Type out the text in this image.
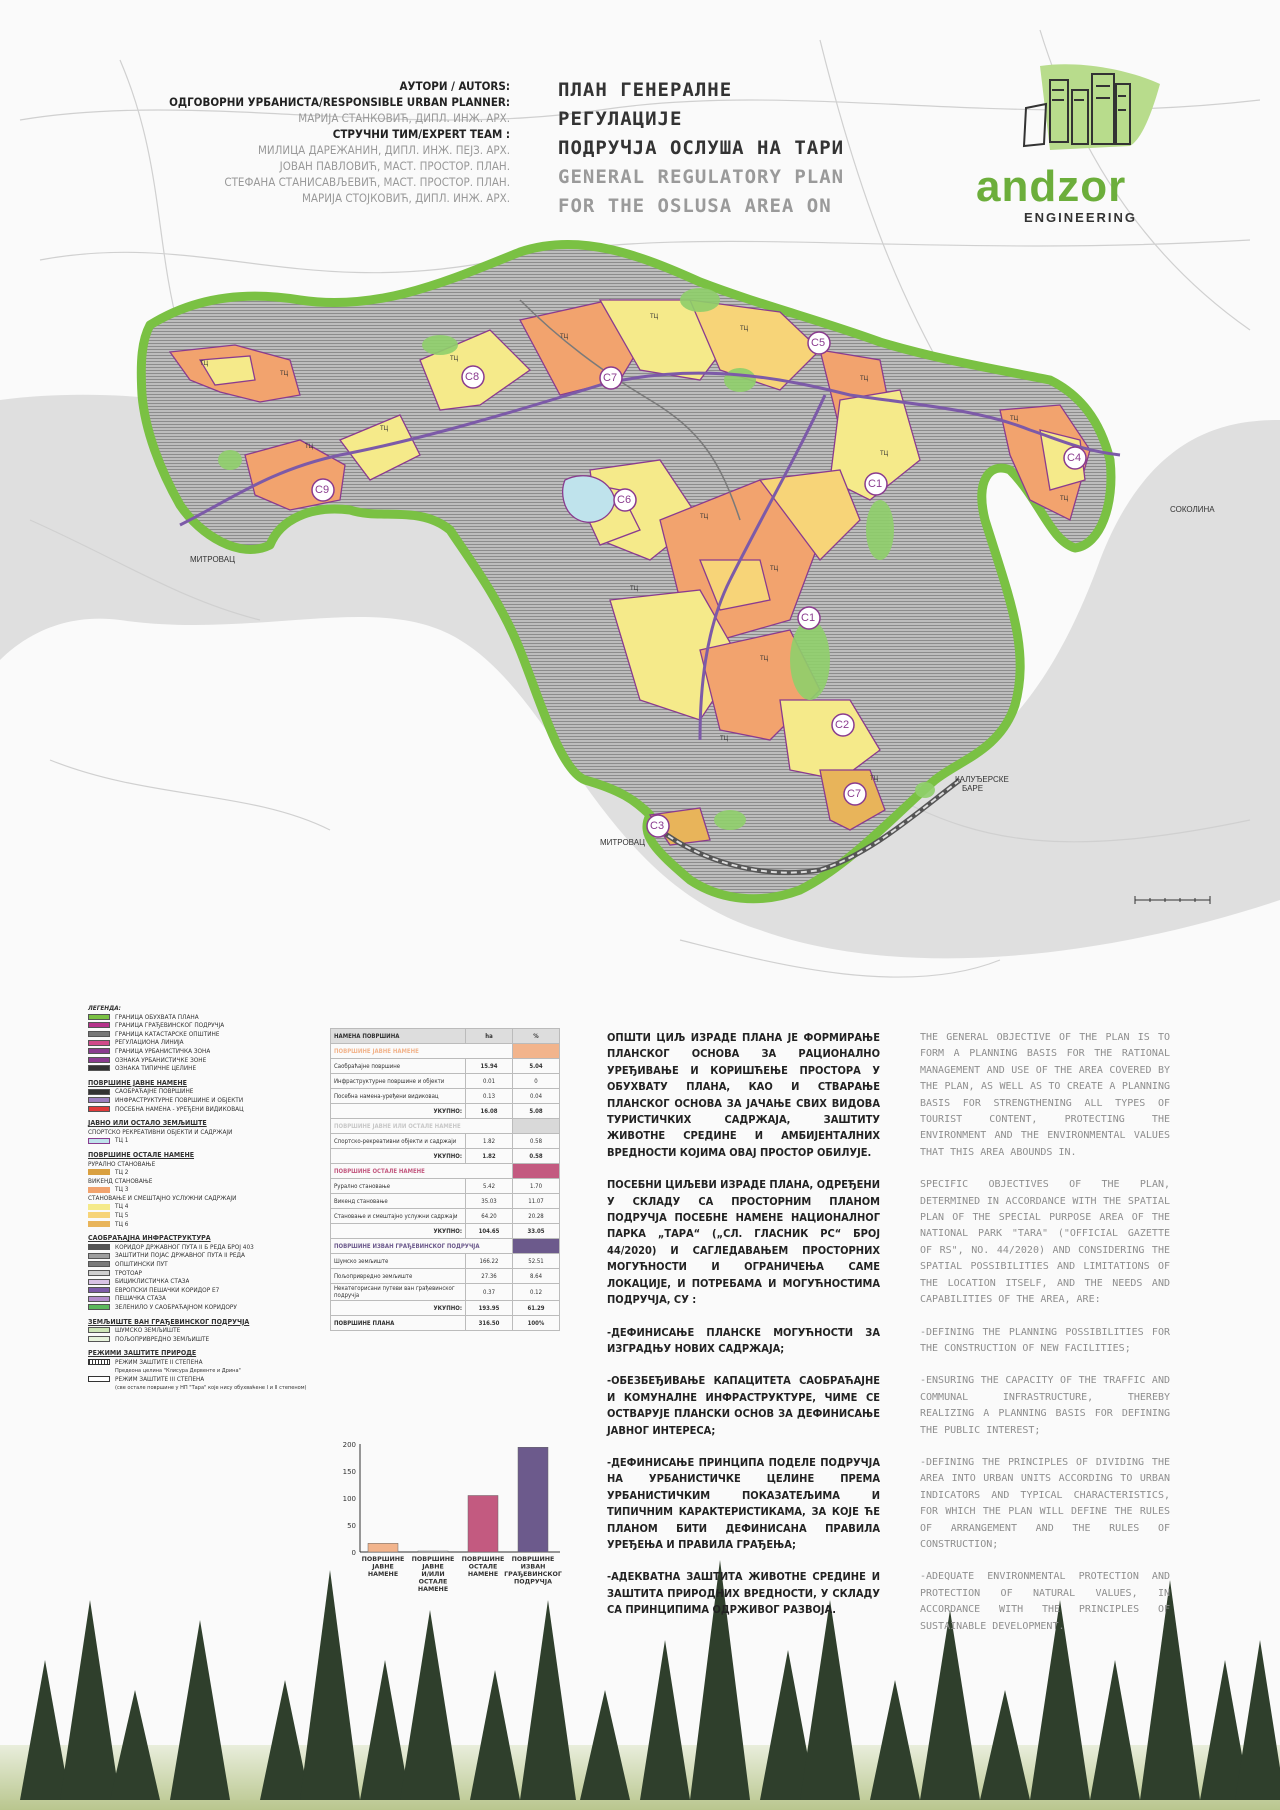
ТЦ
ТЦ
ТЦ
ТЦ
ТЦ
ТЦ
ТЦ
ТЦ
ТЦ
ТЦ
ТЦ
ТЦ
ТЦ
ТЦ
ТЦ
ТЦ
ТЦ
ТЦ
МИТРОВАЦ
МИТРОВАЦ
СОКОЛИНА
КАЛУЂЕРСКЕ
БАРЕ
C1
C2
C3
C4
C5
C6
C7
C8
C9
C1
C7
АУТОРИ / AUTORS:
ОДГОВОРНИ УРБАНИСТА/RESPONSIBLE URBAN PLANNER:
МАРИЈА СТАНКОВИЋ, ДИПЛ. ИНЖ. АРХ.
СТРУЧНИ ТИМ/EXPERT TEAM :
МИЛИЦА ДАРЕЖАНИН, ДИПЛ. ИНЖ. ПЕЈЗ. АРХ.
ЈОВАН ПАВЛОВИЋ, МАСТ. ПРОСТОР. ПЛАН.
СТЕФАНА СТАНИСАВЉЕВИЋ, МАСТ. ПРОСТОР. ПЛАН.
МАРИЈА СТОЈКОВИЋ, ДИПЛ. ИНЖ. АРХ.
ПЛАН ГЕНЕРАЛНЕ РЕГУЛАЦИЈЕ
ПОДРУЧЈА ОСЛУША НА ТАРИ
GENERAL REGULATORY PLAN
FOR THE OSLUSA AREA ON	andzor
ENGINEERING
ЛЕГЕНДА:
ГРАНИЦА ОБУХВАТА ПЛАНА
ГРАНИЦА ГРАЂЕВИНСКОГ ПОДРУЧЈА
ГРАНИЦА КАТАСТАРСКЕ ОПШТИНЕ
РЕГУЛАЦИОНА ЛИНИЈА
ГРАНИЦА УРБАНИСТИЧКА ЗОНА
ОЗНАКА УРБАНИСТИЧКЕ ЗОНЕ
ОЗНАКА ТИПИЧНЕ ЦЕЛИНЕ
ПОВРШИНЕ ЈАВНЕ НАМЕНЕ
САОБРАЋАЈНЕ ПОВРШИНЕ
ИНФРАСТРУКТУРНЕ ПОВРШИНЕ И ОБЈЕКТИ
ПОСЕБНА НАМЕНА - УРЕЂЕНИ ВИДИКОВАЦ
ЈАВНО ИЛИ ОСТАЛО ЗЕМЉИШТЕ
СПОРТСКО РЕКРЕАТИВНИ ОБЈЕКТИ И САДРЖАЈИ
ТЦ 1
ПОВРШИНЕ ОСТАЛЕ НАМЕНЕ
РУРАЛНО СТАНОВАЊЕ
ТЦ 2
ВИКЕНД СТАНОВАЊЕ
ТЦ 3
СТАНОВАЊЕ И СМЕШТАЈНО УСЛУЖНИ САДРЖАЈИ
ТЦ 4
ТЦ 5
ТЦ 6
САОБРАЋАЈНА ИНФРАСТРУКТУРА
КОРИДОР ДРЖАВНОГ ПУТА II Б РЕДА БРОЈ 403
ЗАШТИТНИ ПОЈАС ДРЖАВНОГ ПУТА II РЕДА
ОПШТИНСКИ ПУТ
ТРОТОАР
БИЦИКЛИСТИЧКА СТАЗА
ЕВРОПСКИ ПЕШАЧКИ КОРИДОР Е7
ПЕШАЧКА СТАЗА
ЗЕЛЕНИЛО У САОБРАЋАЈНОМ КОРИДОРУ
ЗЕМЉИШТЕ ВАН ГРАЂЕВИНСКОГ ПОДРУЧЈА
ШУМСКО ЗЕМЉИШТЕ
ПОЉОПРИВРЕДНО ЗЕМЉИШТЕ
РЕЖИМИ ЗАШТИТЕ ПРИРОДЕ
РЕЖИМ ЗАШТИТЕ II СТЕПЕНА
Предеона целина "Клисура Дервенте и Дрина"
РЕЖИМ ЗАШТИТЕ III СТЕПЕНА
(све остале површине у НП "Тара" које нису обухваћене I и II степеном)
НАМЕНА ПОВРШИНА	ha	%
ПОВРШИНЕ ЈАВНЕ НАМЕНЕ		
Саобраћајне површине	15.94	5.04
Инфраструктурне површине и објекти	0.01	0
Посебна намена-уређени видиковац	0.13	0.04
УКУПНО:	16.08	5.08
ПОВРШИНЕ ЈАВНЕ ИЛИ ОСТАЛЕ НАМЕНЕ		
Спортско-рекреативни објекти и садржаји	1.82	0.58
УКУПНО:	1.82	0.58
ПОВРШИНЕ ОСТАЛЕ НАМЕНЕ		
Рурално становање	5.42	1.70
Викенд становање	35.03	11.07
Становање и смештајно услужни садржаји	64.20	20.28
УКУПНО:	104.65	33.05
ПОВРШИНЕ ИЗВАН ГРАЂЕВИНСКОГ ПОДРУЧЈА		
Шумско земљиште	166.22	52.51
Пољопривредно земљиште	27.36	8.64
Некатегорисани путеви ван грађевинског подручја	0.37	0.12
УКУПНО:	193.95	61.29
ПОВРШИНЕ ПЛАНА	316.50	100%
0
50
100
150
200
ПОВРШИНЕ
ЈАВНЕ
НАМЕНЕ
ПОВРШИНЕ
ЈАВНЕ
И/ИЛИ
ОСТАЛЕ
НАМЕНЕ
ПОВРШИНЕ
ОСТАЛЕ
НАМЕНЕ
ПОВРШИНЕ
ИЗВАН
ГРАЂЕВИНСКОГ
ПОДРУЧЈА

ОПШТИ ЦИЉ ИЗРАДЕ ПЛАНА ЈЕ ФОРМИРАЊЕ ПЛАНСКОГ ОСНОВА ЗА РАЦИОНАЛНО УРЕЂИВАЊЕ И КОРИШЋЕЊЕ ПРОСТОРА У ОБУХВАТУ ПЛАНА, КАО И СТВАРАЊЕ ПЛАНСКОГ ОСНОВА ЗА ЈАЧАЊЕ СВИХ ВИДОВА ТУРИСТИЧКИХ САДРЖАЈА, ЗАШТИТУ ЖИВОТНЕ СРЕДИНЕ И АМБИЈЕНТАЛНИХ ВРЕДНОСТИ КОЈИМА ОВАЈ ПРОСТОР ОБИЛУЈЕ.

ПОСЕБНИ ЦИЉЕВИ ИЗРАДЕ ПЛАНА, ОДРЕЂЕНИ У СКЛАДУ СА ПРОСТОРНИМ ПЛАНОМ ПОДРУЧЈА ПОСЕБНЕ НАМЕНЕ НАЦИОНАЛНОГ ПАРКА „ТАРА“ („СЛ. ГЛАСНИК РС“ БРОЈ 44/2020) И САГЛЕДАВАЊЕМ ПРОСТОРНИХ МОГУЋНОСТИ И ОГРАНИЧЕЊА САМЕ ЛОКАЦИЈЕ, И ПОТРЕБАМА И МОГУЋНОСТИМА ПОДРУЧЈА, СУ :

-ДЕФИНИСАЊЕ ПЛАНСКЕ МОГУЋНОСТИ ЗА ИЗГРАДЊУ НОВИХ САДРЖАЈА;

-ОБЕЗБЕЂИВАЊЕ КАПАЦИТЕТА САОБРАЋАЈНЕ И КОМУНАЛНЕ ИНФРАСТРУКТУРЕ, ЧИМЕ СЕ ОСТВАРУЈЕ ПЛАНСКИ ОСНОВ ЗА ДЕФИНИСАЊЕ ЈАВНОГ ИНТЕРЕСА;

-ДЕФИНИСАЊЕ ПРИНЦИПА ПОДЕЛЕ ПОДРУЧЈА НА УРБАНИСТИЧКЕ ЦЕЛИНЕ ПРЕМА УРБАНИСТИЧКИМ ПОКАЗАТЕЉИМА И ТИПИЧНИМ КАРАКТЕРИСТИКАМА, ЗА КОЈЕ ЋЕ ПЛАНОМ БИТИ ДЕФИНИСАНА ПРАВИЛА УРЕЂЕЊА И ПРАВИЛА ГРАЂЕЊА;

-АДЕКВАТНА ЗАШТИТА ЖИВОТНЕ СРЕДИНЕ И ЗАШТИТА ПРИРОДНИХ ВРЕДНОСТИ, У СКЛАДУ СА ПРИНЦИПИМА ОДРЖИВОГ РАЗВОЈА.

THE GENERAL OBJECTIVE OF THE PLAN IS TO FORM A PLANNING BASIS FOR THE RATIONAL MANAGEMENT AND USE OF THE AREA COVERED BY THE PLAN, AS WELL AS TO CREATE A PLANNING BASIS FOR STRENGTHENING ALL TYPES OF TOURIST CONTENT, PROTECTING THE ENVIRONMENT AND THE ENVIRONMENTAL VALUES THAT THIS AREA ABOUNDS IN.

SPECIFIC OBJECTIVES OF THE PLAN, DETERMINED IN ACCORDANCE WITH THE SPATIAL PLAN OF THE SPECIAL PURPOSE AREA OF THE NATIONAL PARK "TARA" ("OFFICIAL GAZETTE OF RS", NO. 44/2020) AND CONSIDERING THE SPATIAL POSSIBILITIES AND LIMITATIONS OF THE LOCATION ITSELF, AND THE NEEDS AND CAPABILITIES OF THE AREA, ARE:

-DEFINING THE PLANNING POSSIBILITIES FOR THE CONSTRUCTION OF NEW FACILITIES;

-ENSURING THE CAPACITY OF THE TRAFFIC AND COMMUNAL INFRASTRUCTURE, THEREBY REALIZING A PLANNING BASIS FOR DEFINING THE PUBLIC INTEREST;

-DEFINING THE PRINCIPLES OF DIVIDING THE AREA INTO URBAN UNITS ACCORDING TO URBAN INDICATORS AND TYPICAL CHARACTERISTICS, FOR WHICH THE PLAN WILL DEFINE THE RULES OF ARRANGEMENT AND THE RULES OF CONSTRUCTION;

-ADEQUATE ENVIRONMENTAL PROTECTION AND PROTECTION OF NATURAL VALUES, IN ACCORDANCE WITH THE PRINCIPLES OF SUSTAINABLE DEVELOPMENT.
